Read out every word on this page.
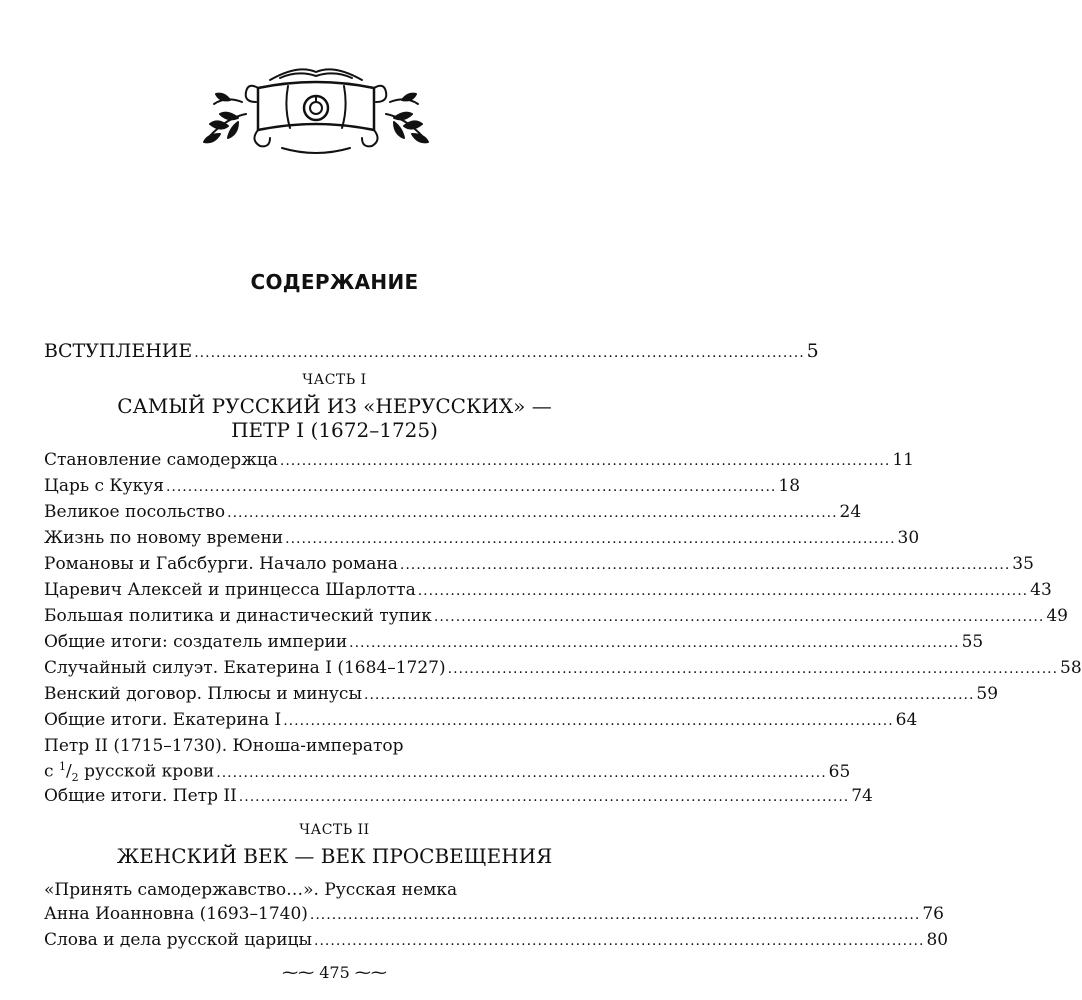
СОДЕРЖАНИЕ
ВСТУПЛЕНИЕ ................................................................................................................ 5
ЧАСТЬ I
САМЫЙ РУССКИЙ ИЗ «НЕРУССКИХ» —
ПЕТР I (1672–1725)
Становление самодержца ................................................................................................................ 11
Царь с Кукуя ................................................................................................................ 18
Великое посольство ................................................................................................................ 24
Жизнь по новому времени ................................................................................................................ 30
Романовы и Габсбурги. Начало романа ................................................................................................................ 35
Царевич Алексей и принцесса Шарлотта ................................................................................................................ 43
Большая политика и династический тупик ................................................................................................................ 49
Общие итоги: создатель империи ................................................................................................................ 55
Случайный силуэт. Екатерина I (1684–1727) ................................................................................................................ 58
Венский договор. Плюсы и минусы ................................................................................................................ 59
Общие итоги. Екатерина I ................................................................................................................ 64
Петр II (1715–1730). Юноша-император
с $^1/_2$ русской крови ................................................................................................................ 65
Общие итоги. Петр II ................................................................................................................ 74
ЧАСТЬ II
ЖЕНСКИЙ ВЕК — ВЕК ПРОСВЕЩЕНИЯ
«Принять самодержавство…». Русская немка
Анна Иоанновна (1693–1740) ................................................................................................................ 76
Слова и дела русской царицы ................................................................................................................ 80
⁓⁓ 475 ⁓⁓
